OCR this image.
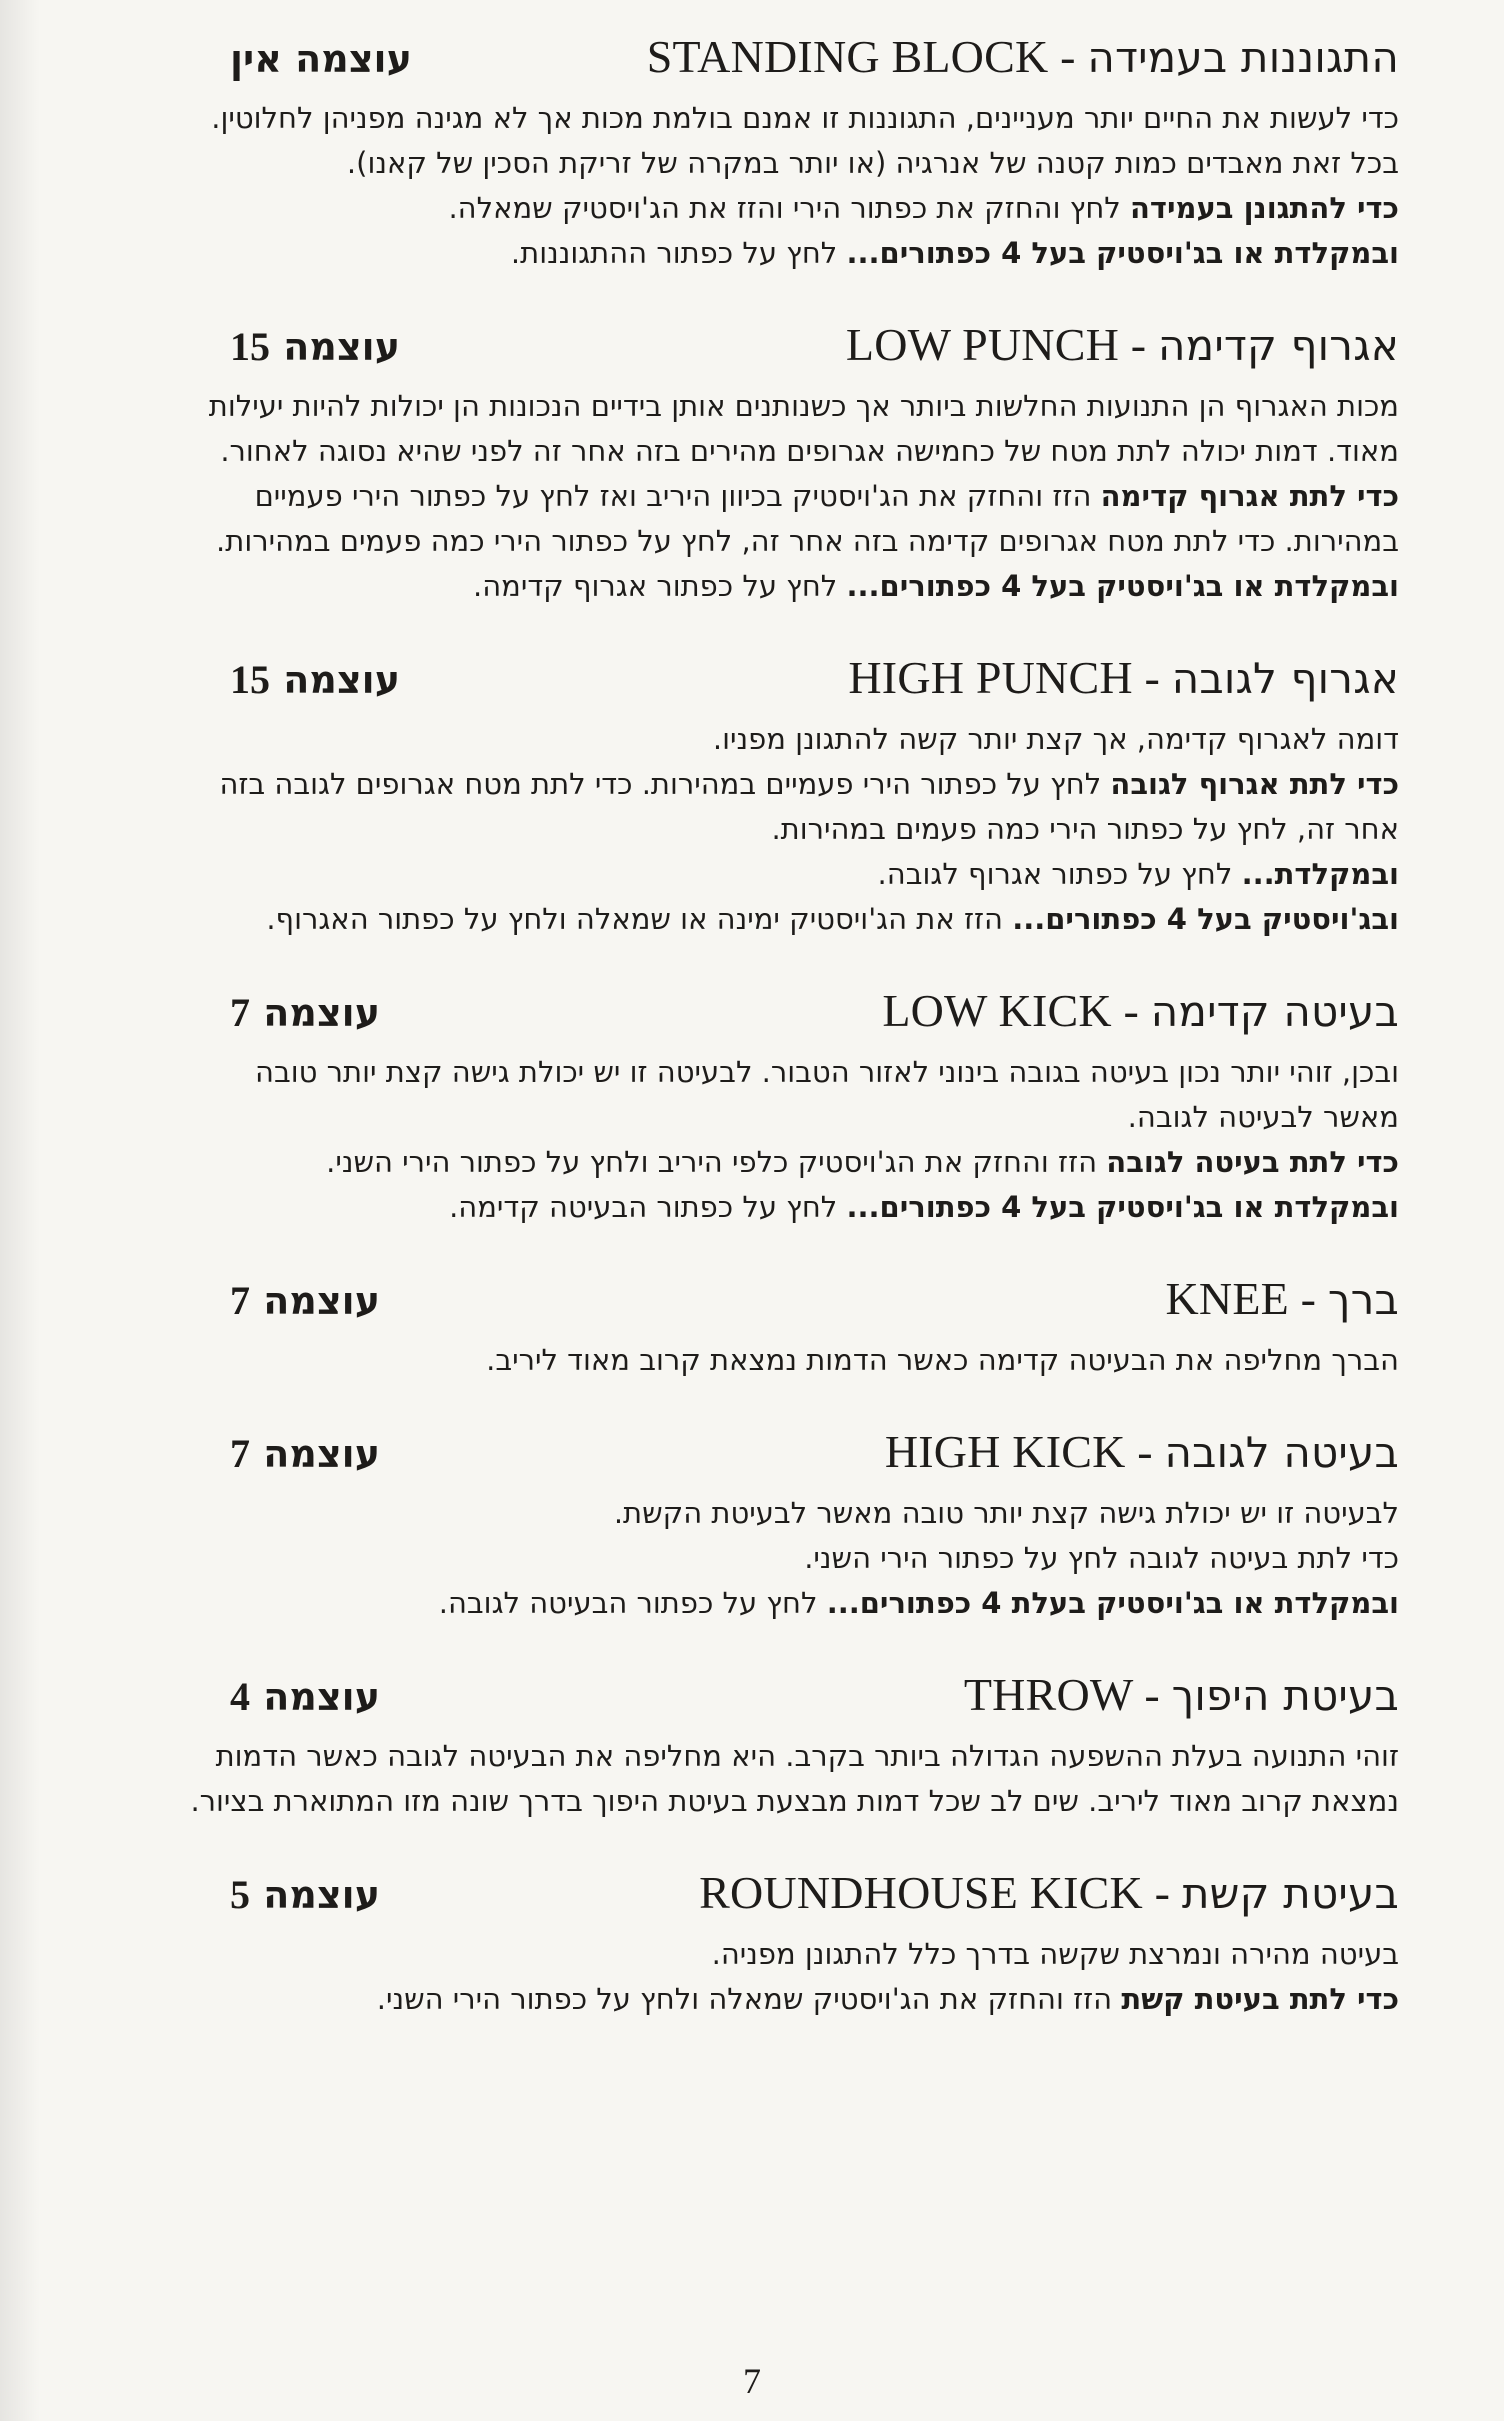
עוצמה אין	STANDING BLOCK - התגוננות בעמידה

כדי לעשות את החיים יותר מעניינים, התגוננות זו אמנם בולמת מכות אך לא מגינה מפניהן לחלוטין. בכל זאת מאבדים כמות קטנה של אנרגיה (או יותר במקרה של זריקת הסכין של קאנו).

כדי להתגונן בעמידה לחץ והחזק את כפתור הירי והזז את הג'ויסטיק שמאלה.

ובמקלדת או בג'ויסטיק בעל 4 כפתורים... לחץ על כפתור ההתגוננות.

עוצמה 15	LOW PUNCH - אגרוף קדימה

מכות האגרוף הן התנועות החלשות ביותר אך כשנותנים אותן בידיים הנכונות הן יכולות להיות יעילות מאוד. דמות יכולה לתת מטח של כחמישה אגרופים מהירים בזה אחר זה לפני שהיא נסוגה לאחור.

כדי לתת אגרוף קדימה הזז והחזק את הג'ויסטיק בכיוון היריב ואז לחץ על כפתור הירי פעמיים במהירות. כדי לתת מטח אגרופים קדימה בזה אחר זה, לחץ על כפתור הירי כמה פעמים במהירות.

ובמקלדת או בג'ויסטיק בעל 4 כפתורים... לחץ על כפתור אגרוף קדימה.

עוצמה 15	HIGH PUNCH - אגרוף לגובה

דומה לאגרוף קדימה, אך קצת יותר קשה להתגונן מפניו.

כדי לתת אגרוף לגובה לחץ על כפתור הירי פעמיים במהירות. כדי לתת מטח אגרופים לגובה בזה אחר זה, לחץ על כפתור הירי כמה פעמים במהירות.

ובמקלדת... לחץ על כפתור אגרוף לגובה.

ובג'ויסטיק בעל 4 כפתורים... הזז את הג'ויסטיק ימינה או שמאלה ולחץ על כפתור האגרוף.

עוצמה 7	LOW KICK - בעיטה קדימה

ובכן, זוהי יותר נכון בעיטה בגובה בינוני לאזור הטבור. לבעיטה זו יש יכולת גישה קצת יותר טובה מאשר לבעיטה לגובה.

כדי לתת בעיטה לגובה הזז והחזק את הג'ויסטיק כלפי היריב ולחץ על כפתור הירי השני.

ובמקלדת או בג'ויסטיק בעל 4 כפתורים... לחץ על כפתור הבעיטה קדימה.

עוצמה 7	KNEE - ברך

הברך מחליפה את הבעיטה קדימה כאשר הדמות נמצאת קרוב מאוד ליריב.

עוצמה 7	HIGH KICK - בעיטה לגובה

לבעיטה זו יש יכולת גישה קצת יותר טובה מאשר לבעיטת הקשת.

כדי לתת בעיטה לגובה לחץ על כפתור הירי השני.

ובמקלדת או בג'ויסטיק בעלת 4 כפתורים... לחץ על כפתור הבעיטה לגובה.

עוצמה 4	THROW - בעיטת היפוך

זוהי התנועה בעלת ההשפעה הגדולה ביותר בקרב. היא מחליפה את הבעיטה לגובה כאשר הדמות נמצאת קרוב מאוד ליריב. שים לב שכל דמות מבצעת בעיטת היפוך בדרך שונה מזו המתוארת בציור.

עוצמה 5	ROUNDHOUSE KICK - בעיטת קשת

בעיטה מהירה ונמרצת שקשה בדרך כלל להתגונן מפניה.

כדי לתת בעיטת קשת הזז והחזק את הג'ויסטיק שמאלה ולחץ על כפתור הירי השני.

7
